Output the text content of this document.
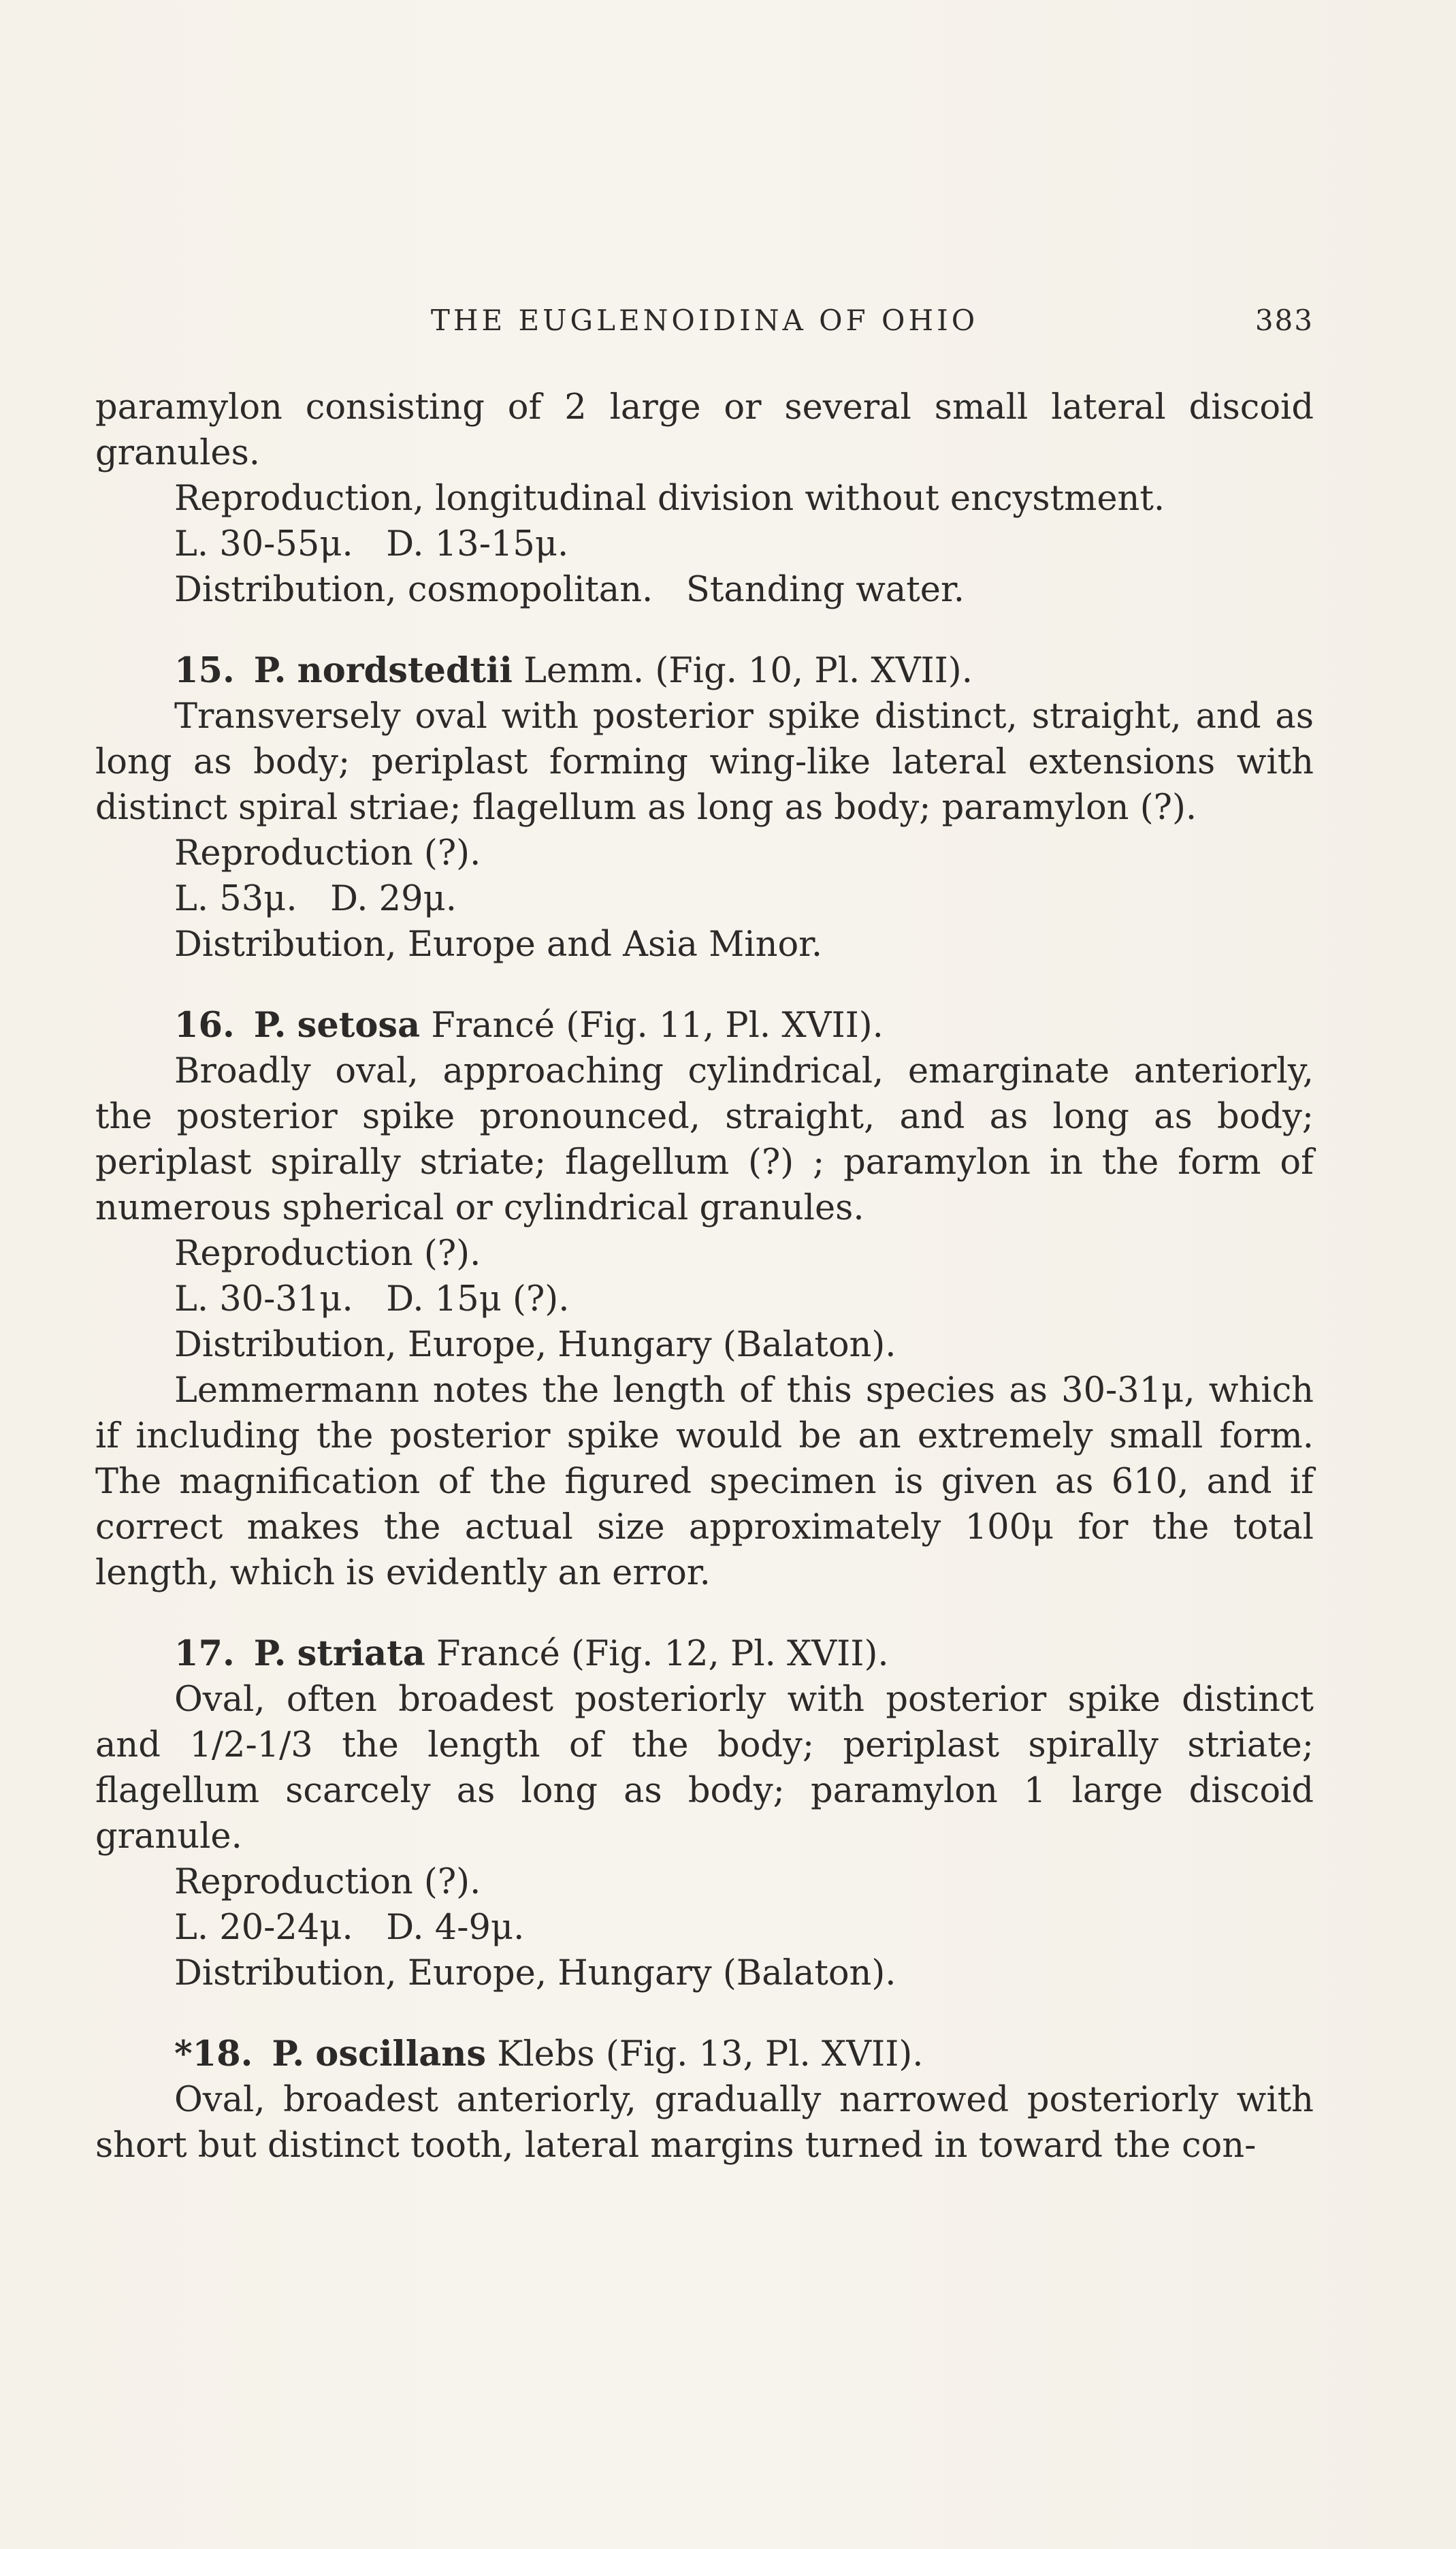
THE EUGLENOIDINA OF OHIO	383

paramylon consisting of 2 large or several small lateral discoid granules.

Reproduction, longitudinal division without encystment.

L. 30-55μ.   D. 13-15μ.

Distribution, cosmopolitan.   Standing water.

15. P. nordstedtii Lemm. (Fig. 10, Pl. XVII).

Transversely oval with posterior spike distinct, straight, and as long as body; periplast forming wing-like lateral extensions with distinct spiral striae; flagellum as long as body; paramylon (?).

Reproduction (?).

L. 53μ.   D. 29μ.

Distribution, Europe and Asia Minor.

16. P. setosa Francé (Fig. 11, Pl. XVII).

Broadly oval, approaching cylindrical, emarginate anteriorly, the posterior spike pronounced, straight, and as long as body; periplast spirally striate; flagellum (?) ; paramylon in the form of numerous spherical or cylindrical granules.

Reproduction (?).

L. 30-31μ.   D. 15μ (?).

Distribution, Europe, Hungary (Balaton).

Lemmermann notes the length of this species as 30-31μ, which if including the posterior spike would be an extremely small form. The magnification of the figured specimen is given as 610, and if correct makes the actual size approximately 100μ for the total length, which is evidently an error.

17. P. striata Francé (Fig. 12, Pl. XVII).

Oval, often broadest posteriorly with posterior spike distinct and 1/2-1/3 the length of the body; periplast spirally striate; flagellum scarcely as long as body; paramylon 1 large discoid granule.

Reproduction (?).

L. 20-24μ.   D. 4-9μ.

Distribution, Europe, Hungary (Balaton).

*18. P. oscillans Klebs (Fig. 13, Pl. XVII).

Oval, broadest anteriorly, gradually narrowed posteriorly with short but distinct tooth, lateral margins turned in toward the con-
